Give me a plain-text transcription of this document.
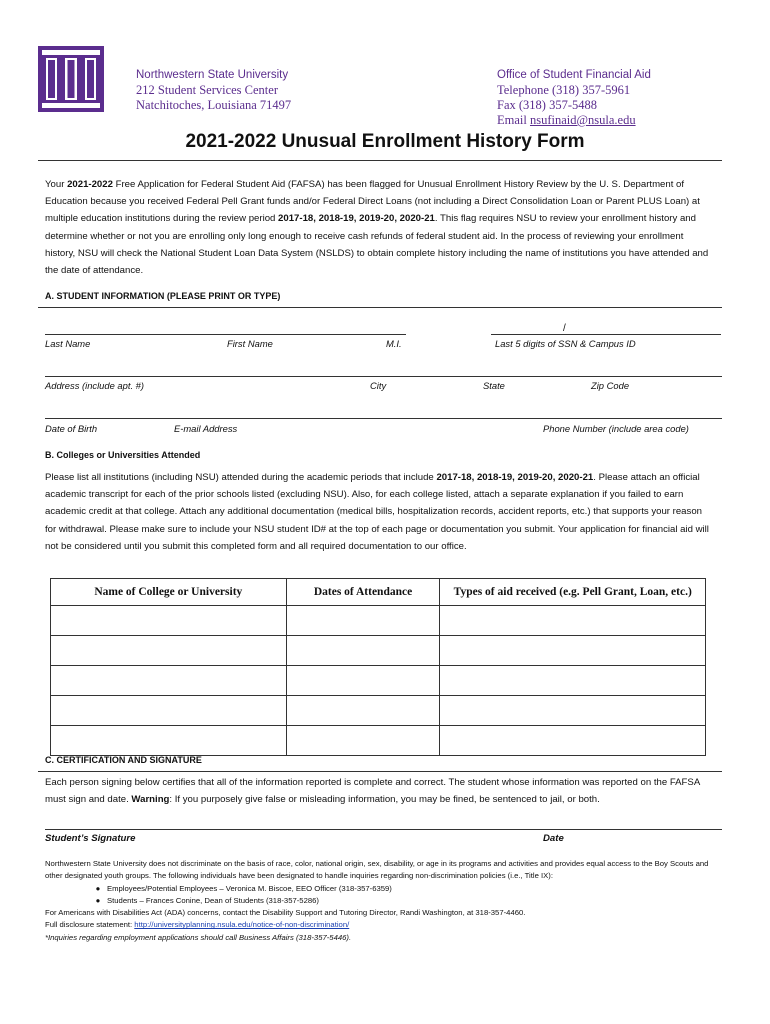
Northwestern State University
212 Student Services Center
Natchitoches, Louisiana 71497
Office of Student Financial Aid
Telephone (318) 357-5961
Fax (318) 357-5488
Email nsufinaid@nsula.edu
2021-2022 Unusual Enrollment History Form
Your 2021-2022 Free Application for Federal Student Aid (FAFSA) has been flagged for Unusual Enrollment History Review by the U. S. Department of Education because you received Federal Pell Grant funds and/or Federal Direct Loans (not including a Direct Consolidation Loan or Parent PLUS Loan) at multiple education institutions during the review period 2017-18, 2018-19, 2019-20, 2020-21. This flag requires NSU to review your enrollment history and determine whether or not you are enrolling only long enough to receive cash refunds of federal student aid. In the process of reviewing your enrollment history, NSU will check the National Student Loan Data System (NSLDS) to obtain complete history including the name of institutions you have attended and the date of attendance.
A. STUDENT INFORMATION (PLEASE PRINT OR TYPE)
/
Last Name	First Name	M.I.	Last 5 digits of SSN & Campus ID
Address (include apt. #)	City	State	Zip Code
Date of Birth	E-mail Address	Phone Number (include area code)
B. Colleges or Universities Attended
Please list all institutions (including NSU) attended during the academic periods that include 2017-18, 2018-19, 2019-20, 2020-21. Please attach an official academic transcript for each of the prior schools listed (excluding NSU). Also, for each college listed, attach a separate explanation if you failed to earn academic credit at that college. Attach any additional documentation (medical bills, hospitalization records, accident reports, etc.) that supports your reason for withdrawal. Please make sure to include your NSU student ID# at the top of each page or documentation you submit. Your application for financial aid will not be considered until you submit this completed form and all required documentation to our office.
Name of College or University	Dates of Attendance	Types of aid received (e.g. Pell Grant, Loan, etc.)

C. CERTIFICATION AND SIGNATURE
Each person signing below certifies that all of the information reported is complete and correct. The student whose information was reported on the FAFSA must sign and date. Warning: If you purposely give false or misleading information, you may be fined, be sentenced to jail, or both.
Student’s Signature	Date
Northwestern State University does not discriminate on the basis of race, color, national origin, sex, disability, or age in its programs and activities and provides equal access to the Boy Scouts and other designated youth groups. The following individuals have been designated to handle inquiries regarding non-discrimination policies (i.e., Title IX):
● Employees/Potential Employees – Veronica M. Biscoe, EEO Officer (318-357-6359)
● Students – Frances Conine, Dean of Students (318-357-5286)
For Americans with Disabilities Act (ADA) concerns, contact the Disability Support and Tutoring Director, Randi Washington, at 318-357-4460.
Full disclosure statement: http://universityplanning.nsula.edu/notice-of-non-discrimination/
*Inquiries regarding employment applications should call Business Affairs (318-357-5446).
